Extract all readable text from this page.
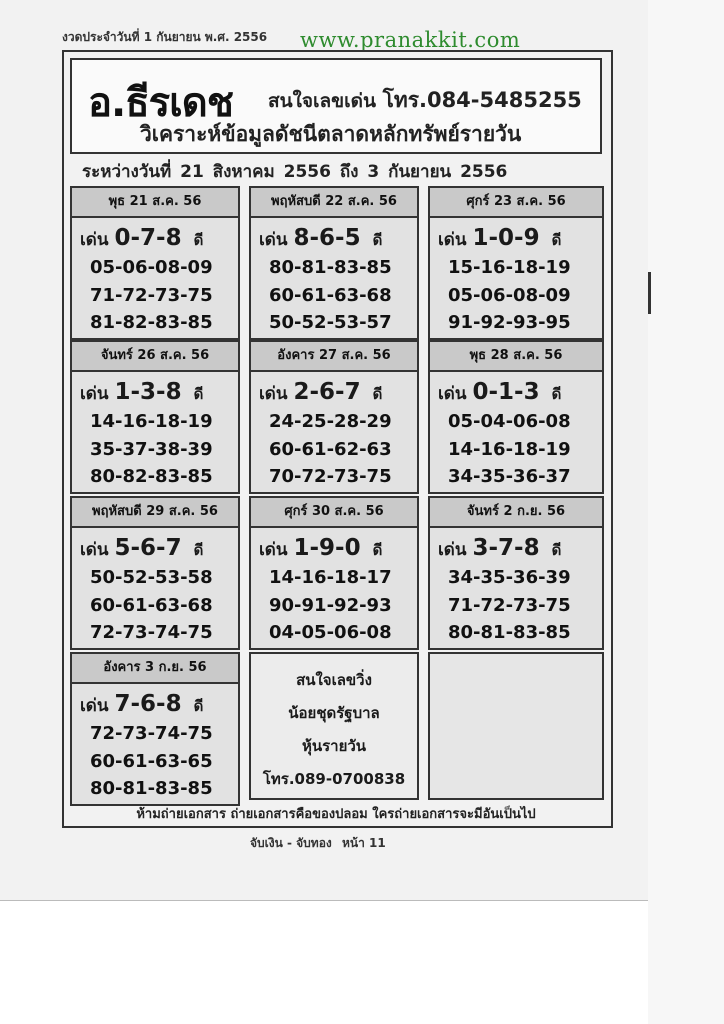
งวดประจำวันที่ 1 กันยายน พ.ศ. 2556 www.pranakkit.com
อ.ธีรเดช สนใจเลขเด่น โทร.084-5485255
วิเคราะห์ข้อมูลดัชนีตลาดหลักทรัพย์รายวัน
ระหว่างวันที่ 21 สิงหาคม 2556 ถึง 3 กันยายน 2556
พุธ 21 ส.ค. 56
เด่น 0-7-8 ดี
05-06-08-09
71-72-73-75
81-82-83-85
พฤหัสบดี 22 ส.ค. 56
เด่น 8-6-5 ดี
80-81-83-85
60-61-63-68
50-52-53-57
ศุกร์ 23 ส.ค. 56
เด่น 1-0-9 ดี
15-16-18-19
05-06-08-09
91-92-93-95
จันทร์ 26 ส.ค. 56
เด่น 1-3-8 ดี
14-16-18-19
35-37-38-39
80-82-83-85
อังคาร 27 ส.ค. 56
เด่น 2-6-7 ดี
24-25-28-29
60-61-62-63
70-72-73-75
พุธ 28 ส.ค. 56
เด่น 0-1-3 ดี
05-04-06-08
14-16-18-19
34-35-36-37
พฤหัสบดี 29 ส.ค. 56
เด่น 5-6-7 ดี
50-52-53-58
60-61-63-68
72-73-74-75
ศุกร์ 30 ส.ค. 56
เด่น 1-9-0 ดี
14-16-18-17
90-91-92-93
04-05-06-08
จันทร์ 2 ก.ย. 56
เด่น 3-7-8 ดี
34-35-36-39
71-72-73-75
80-81-83-85
อังคาร 3 ก.ย. 56
เด่น 7-6-8 ดี
72-73-74-75
60-61-63-65
80-81-83-85
สนใจเลขวิ่ง
น้อยชุดรัฐบาล
หุ้นรายวัน
โทร.089-0700838
ห้ามถ่ายเอกสาร ถ่ายเอกสารคือของปลอม ใครถ่ายเอกสารจะมีอันเป็นไป
จับเงิน - จับทอง หน้า 11
